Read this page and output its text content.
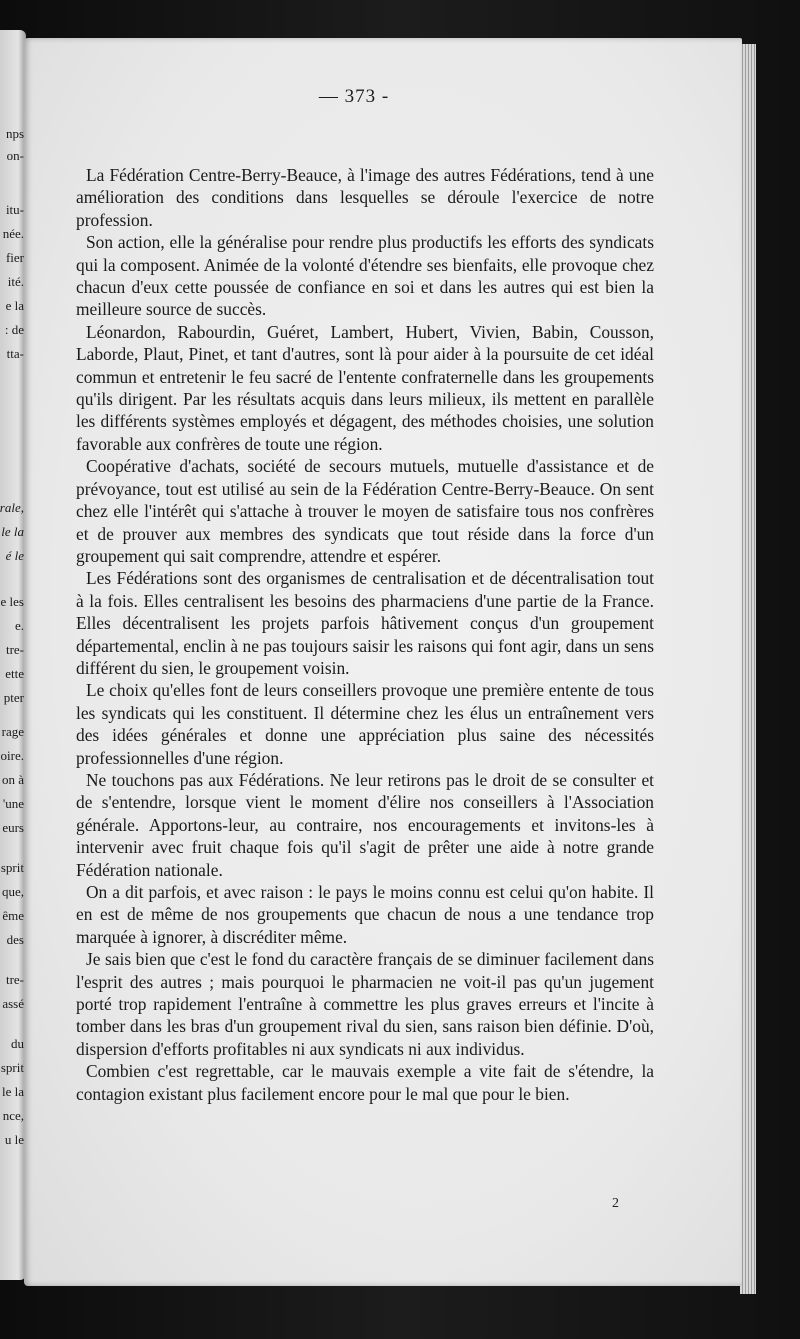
nps
on-
itu-
née.
fier
ité.
e la
: de
tta-
rale,
le la
é le
e les
e.
tre-
ette
pter
rage
oire.
on à
'une
eurs
sprit
que,
ême
des
tre-
assé
du
sprit
le la
nce,
u le
— 373 -

La Fédération Centre-Berry-Beauce, à l'image des autres Fédérations, tend à une amélioration des conditions dans lesquelles se déroule l'exercice de notre profession.

Son action, elle la généralise pour rendre plus productifs les efforts des syndicats qui la composent. Animée de la volonté d'étendre ses bienfaits, elle provoque chez chacun d'eux cette poussée de confiance en soi et dans les autres qui est bien la meilleure source de succès.

Léonardon, Rabourdin, Guéret, Lambert, Hubert, Vivien, Babin, Cousson, Laborde, Plaut, Pinet, et tant d'autres, sont là pour aider à la poursuite de cet idéal commun et entretenir le feu sacré de l'entente confraternelle dans les groupements qu'ils dirigent. Par les résultats acquis dans leurs milieux, ils mettent en parallèle les différents systèmes employés et dégagent, des méthodes choisies, une solution favorable aux confrères de toute une région.

Coopérative d'achats, société de secours mutuels, mutuelle d'assistance et de prévoyance, tout est utilisé au sein de la Fédération Centre-Berry-Beauce. On sent chez elle l'intérêt qui s'attache à trouver le moyen de satisfaire tous nos confrères et de prouver aux membres des syndicats que tout réside dans la force d'un groupement qui sait comprendre, attendre et espérer.

Les Fédérations sont des organismes de centralisation et de décentralisation tout à la fois. Elles centralisent les besoins des pharmaciens d'une partie de la France. Elles décentralisent les projets parfois hâtivement conçus d'un groupement départemental, enclin à ne pas toujours saisir les raisons qui font agir, dans un sens différent du sien, le groupement voisin.

Le choix qu'elles font de leurs conseillers provoque une première entente de tous les syndicats qui les constituent. Il détermine chez les élus un entraînement vers des idées générales et donne une appréciation plus saine des nécessités professionnelles d'une région.

Ne touchons pas aux Fédérations. Ne leur retirons pas le droit de se consulter et de s'entendre, lorsque vient le moment d'élire nos conseillers à l'Association générale. Apportons-leur, au contraire, nos encouragements et invitons-les à intervenir avec fruit chaque fois qu'il s'agit de prêter une aide à notre grande Fédération nationale.

On a dit parfois, et avec raison : le pays le moins connu est celui qu'on habite. Il en est de même de nos groupements que chacun de nous a une tendance trop marquée à ignorer, à discréditer même.

Je sais bien que c'est le fond du caractère français de se diminuer facilement dans l'esprit des autres ; mais pourquoi le pharmacien ne voit-il pas qu'un jugement porté trop rapidement l'entraîne à commettre les plus graves erreurs et l'incite à tomber dans les bras d'un groupement rival du sien, sans raison bien définie. D'où, dispersion d'efforts profitables ni aux syndicats ni aux individus.

Combien c'est regrettable, car le mauvais exemple a vite fait de s'étendre, la contagion existant plus facilement encore pour le mal que pour le bien.

2
